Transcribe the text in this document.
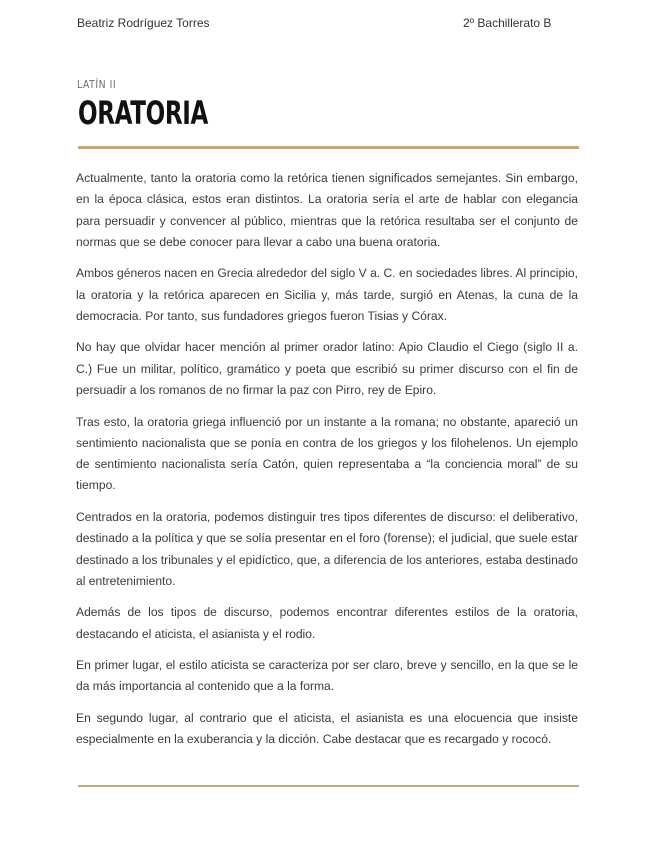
Beatriz Rodríguez Torres	2º Bachillerato B
LATÍN II
ORATORIA

Actualmente, tanto la oratoria como la retórica tienen significados semejantes. Sin embargo, en la época clásica, estos eran distintos. La oratoria sería el arte de hablar con elegancia para persuadir y convencer al público, mientras que la retórica resultaba ser el conjunto de normas que se debe conocer para llevar a cabo una buena oratoria.

Ambos géneros nacen en Grecia alrededor del siglo V a. C. en sociedades libres. Al principio, la oratoria y la retórica aparecen en Sicilia y, más tarde, surgió en Atenas, la cuna de la democracia. Por tanto, sus fundadores griegos fueron Tisias y Córax.

No hay que olvidar hacer mención al primer orador latino: Apio Claudio el Ciego (siglo II a. C.) Fue un militar, político, gramático y poeta que escribió su primer discurso con el fin de persuadir a los romanos de no firmar la paz con Pirro, rey de Epiro.

Tras esto, la oratoria griega influenció por un instante a la romana; no obstante, apareció un sentimiento nacionalista que se ponía en contra de los griegos y los filohelenos. Un ejemplo de sentimiento nacionalista sería Catón, quien representaba a “la conciencia moral” de su tiempo.

Centrados en la oratoria, podemos distinguir tres tipos diferentes de discurso: el deliberativo, destinado a la política y que se solía presentar en el foro (forense); el judicial, que suele estar destinado a los tribunales y el epidíctico, que, a diferencia de los anteriores, estaba destinado al entretenimiento.

Además de los tipos de discurso, podemos encontrar diferentes estilos de la oratoria, destacando el aticista, el asianista y el rodio.

En primer lugar, el estilo aticista se caracteriza por ser claro, breve y sencillo, en la que se le da más importancia al contenido que a la forma.

En segundo lugar, al contrario que el aticista, el asianista es una elocuencia que insiste especialmente en la exuberancia y la dicción. Cabe destacar que es recargado y rococó.
